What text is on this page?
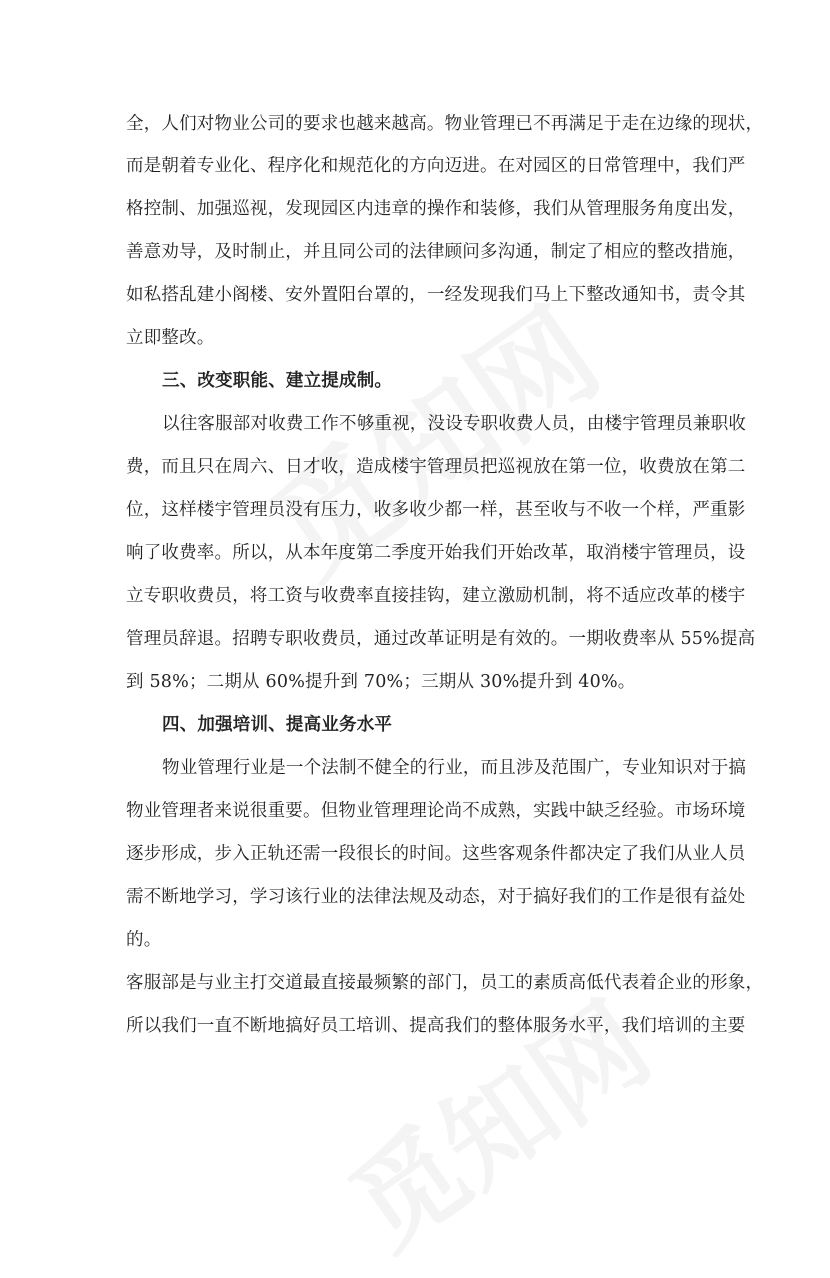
全，人们对物业公司的要求也越来越高。物业管理已不再满足于走在边缘的现状，
而是朝着专业化、程序化和规范化的方向迈进。在对园区的日常管理中，我们严
格控制、加强巡视，发现园区内违章的操作和装修，我们从管理服务角度出发，
善意劝导，及时制止，并且同公司的法律顾问多沟通，制定了相应的整改措施，
如私搭乱建小阁楼、安外置阳台罩的，一经发现我们马上下整改通知书，责令其
立即整改。
三、改变职能、建立提成制。
以往客服部对收费工作不够重视，没设专职收费人员，由楼宇管理员兼职收
费，而且只在周六、日才收，造成楼宇管理员把巡视放在第一位，收费放在第二
位，这样楼宇管理员没有压力，收多收少都一样，甚至收与不收一个样，严重影
响了收费率。所以，从本年度第二季度开始我们开始改革，取消楼宇管理员，设
立专职收费员，将工资与收费率直接挂钩，建立激励机制，将不适应改革的楼宇
管理员辞退。招聘专职收费员，通过改革证明是有效的。一期收费率从 55%提高
到 58%；二期从 60%提升到 70%；三期从 30%提升到 40%。
四、加强培训、提高业务水平
物业管理行业是一个法制不健全的行业，而且涉及范围广，专业知识对于搞
物业管理者来说很重要。但物业管理理论尚不成熟，实践中缺乏经验。市场环境
逐步形成，步入正轨还需一段很长的时间。这些客观条件都决定了我们从业人员
需不断地学习，学习该行业的法律法规及动态，对于搞好我们的工作是很有益处
的。
客服部是与业主打交道最直接最频繁的部门，员工的素质高低代表着企业的形象，
所以我们一直不断地搞好员工培训、提高我们的整体服务水平，我们培训的主要
